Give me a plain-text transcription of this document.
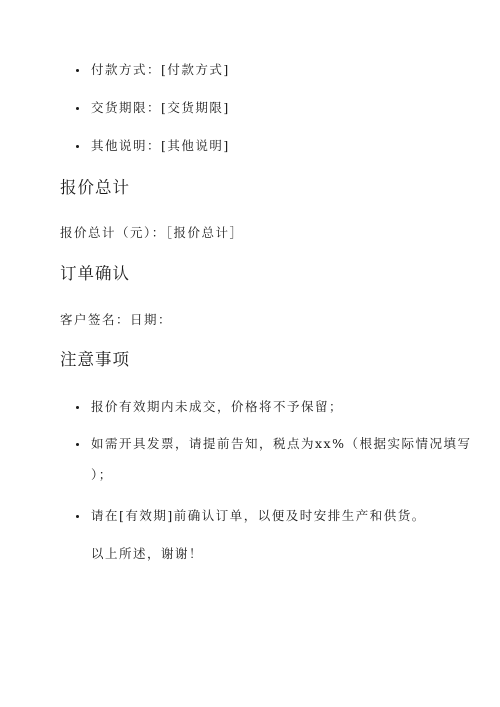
付款方式：[付款方式]
交货期限：[交货期限]
其他说明：[其他说明]
报价总计

报价总计（元）：［报价总计］

订单确认

客户签名：日期：

注意事项
报价有效期内未成交，价格将不予保留；
如需开具发票，请提前告知，税点为xx%（根据实际情况填写
请在[有效期]前确认订单，以便及时安排生产和供货。
）；

以上所述，谢谢！
